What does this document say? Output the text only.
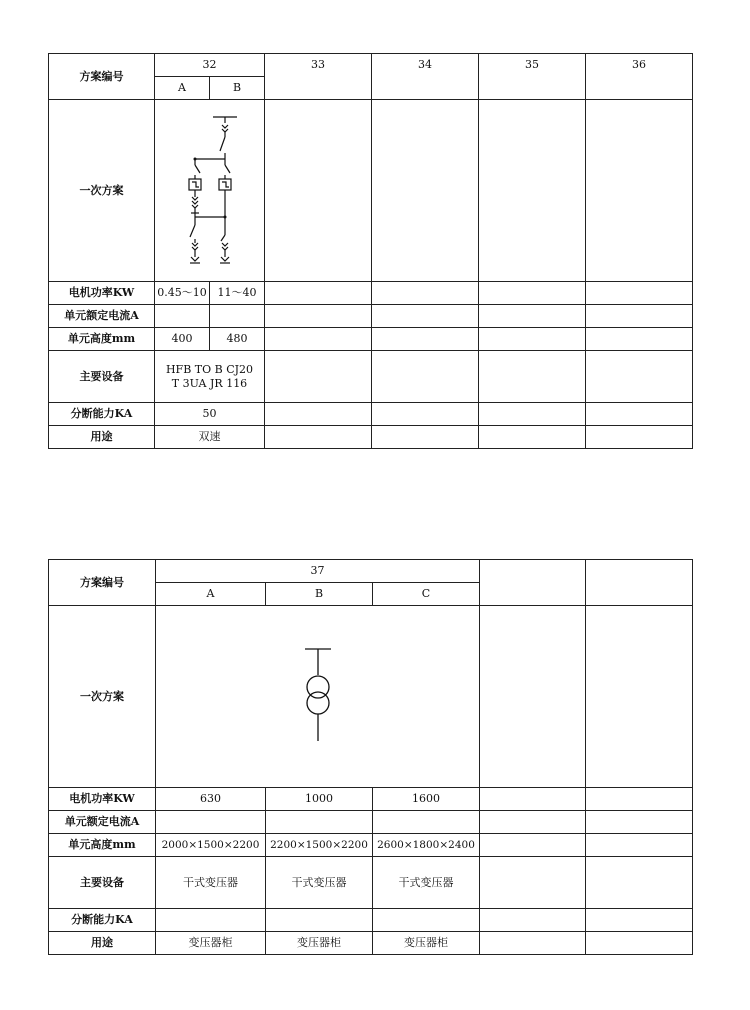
方案编号	32		33	34	35	36
	A	B				
一次方案	

电机功率KW	0.45～10	11～40				
单元额定电流A						
单元高度mm	400	480				
主要设备	HFB TO B CJ20
T 3UA JR 116					

分断能力KA	50					
用途	双速					
方案编号	37				
	A	B	C		
一次方案	

电机功率KW	630	1000	1600		
单元额定电流A					
单元高度mm	2000×1500×2200	2200×1500×2200	2600×1800×2400		
主要设备	干式变压器	干式变压器	干式变压器		
分断能力KA					
用途	变压器柜	变压器柜	变压器柜		
